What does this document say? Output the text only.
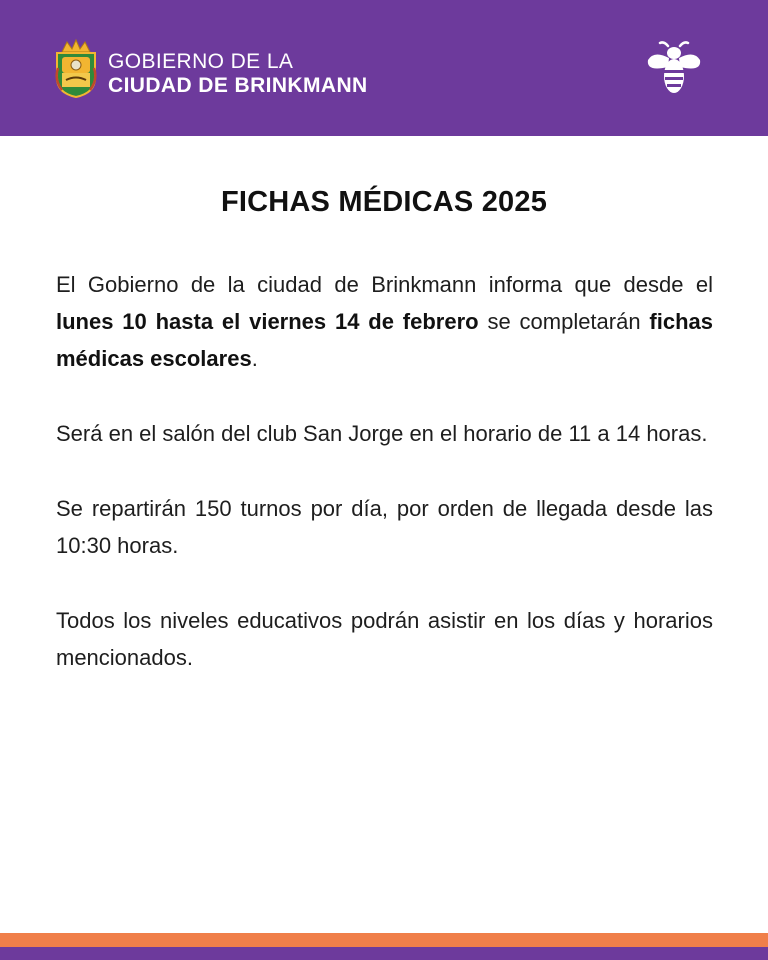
GOBIERNO DE LA
CIUDAD DE BRINKMANN
FICHAS MÉDICAS 2025

El Gobierno de la ciudad de Brinkmann informa que desde el lunes 10 hasta el viernes 14 de febrero se completarán fichas médicas escolares.

Será en el salón del club San Jorge en el horario de 11 a 14 horas.

Se repartirán 150 turnos por día, por orden de llegada desde las 10:30 horas.

Todos los niveles educativos podrán asistir en los días y horarios mencionados.
